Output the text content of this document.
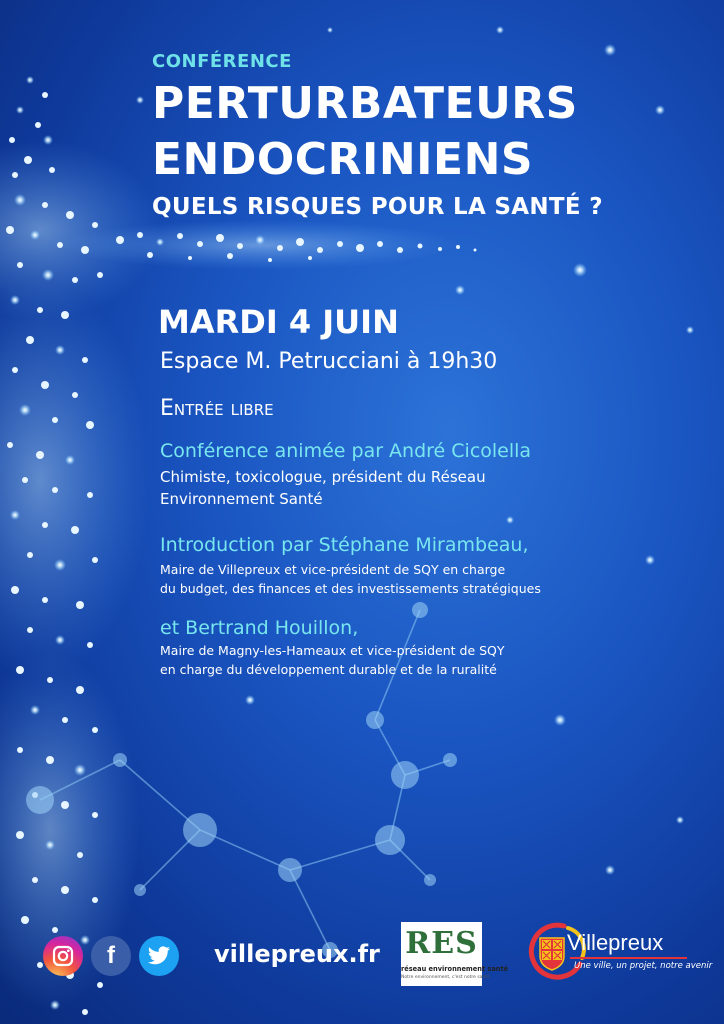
CONFÉRENCE
PERTURBATEURS
ENDOCRINIENS
QUELS RISQUES POUR LA SANTÉ ?
MARDI 4 JUIN
Espace M. Petrucciani à 19h30
Entrée libre
Conférence animée par André Cicolella
Chimiste, toxicologue, président du Réseau
Environnement Santé
Introduction par Stéphane Mirambeau,
Maire de Villepreux et vice-président de SQY en charge
du budget, des finances et des investissements stratégiques
et Bertrand Houillon,
Maire de Magny-les-Hameaux et vice-président de SQY
en charge du développement durable et de la ruralité
f	villepreux.fr RES
réseau environnement santé
Notre environnement, c'est notre santé
Villepreux
Une ville, un projet, notre avenir
